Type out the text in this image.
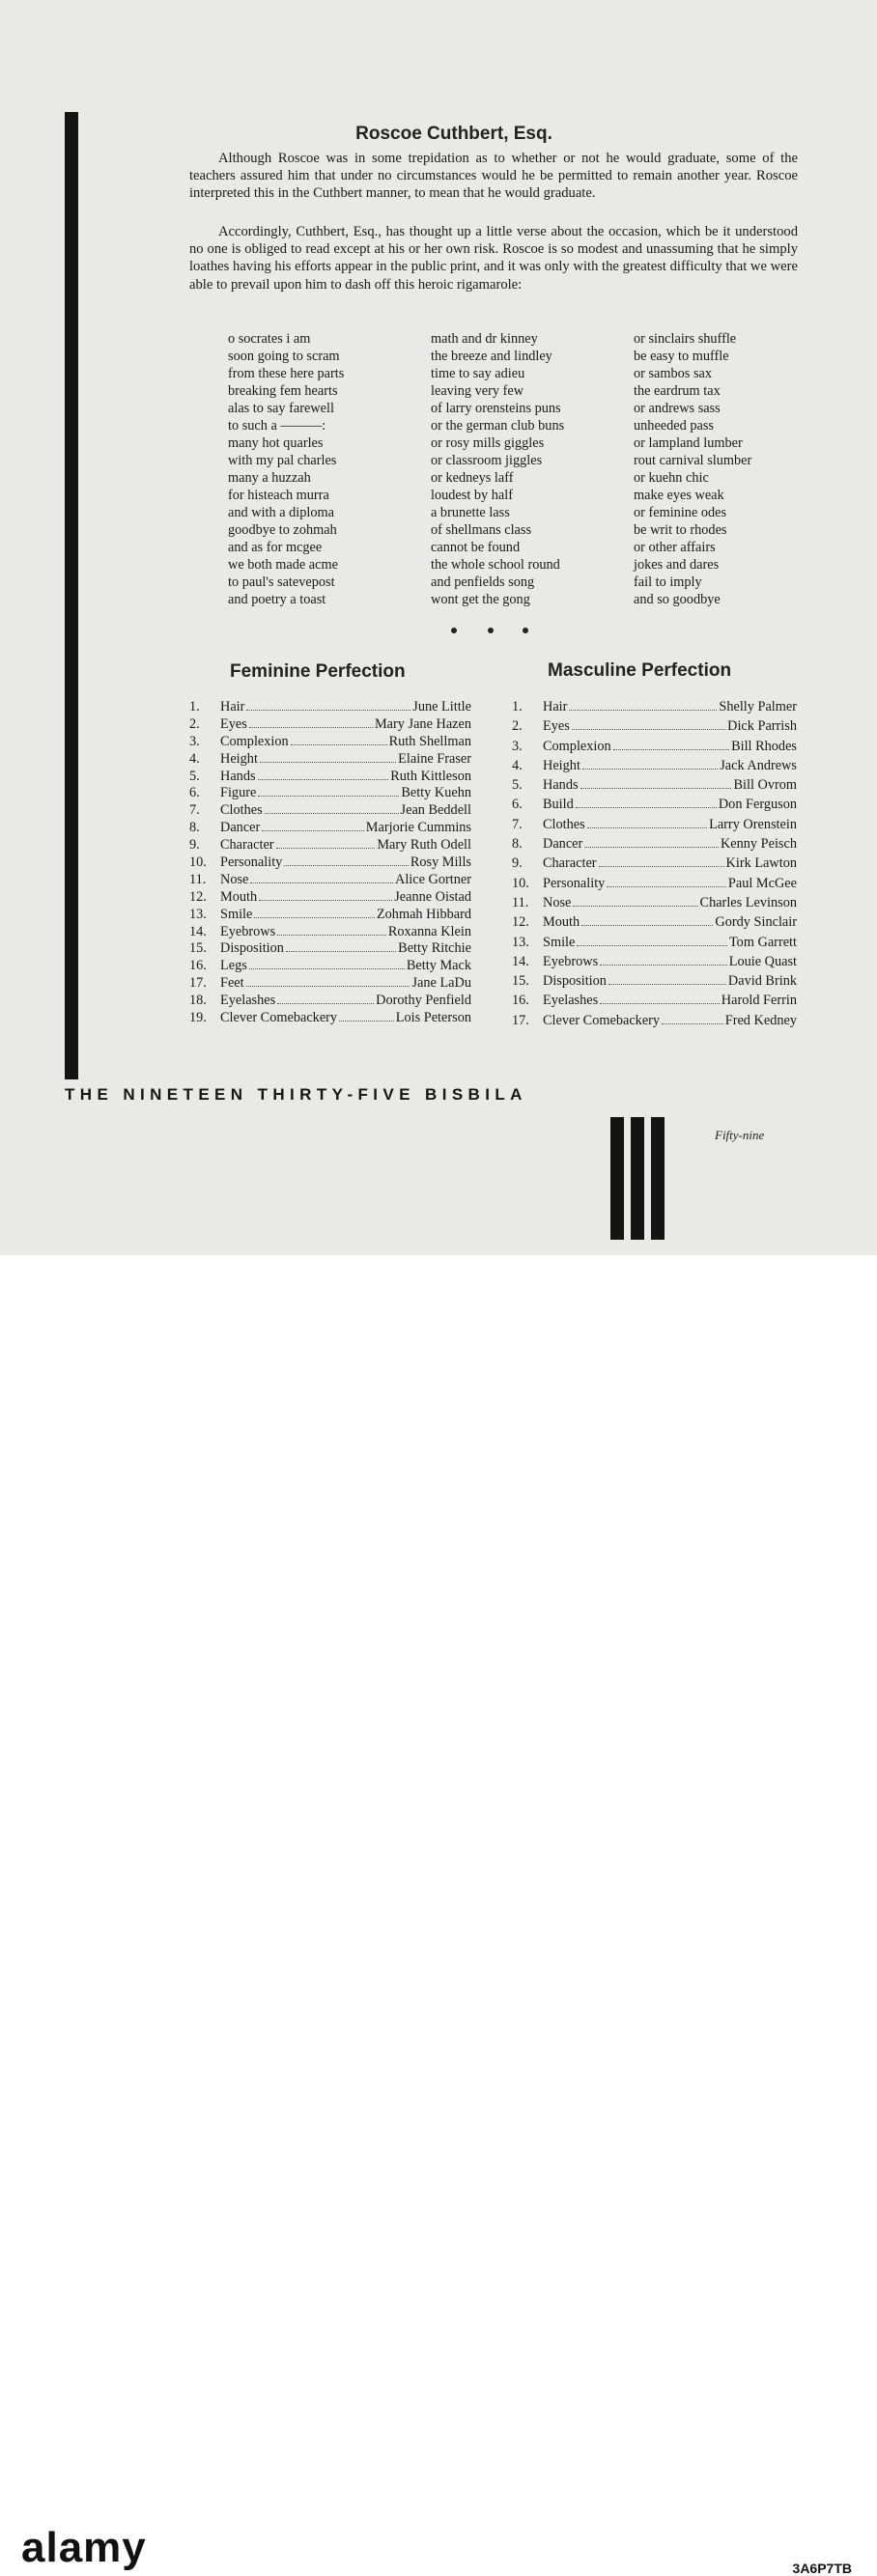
Roscoe Cuthbert, Esq.

Although Roscoe was in some trepidation as to whether or not he would graduate, some of the teachers assured him that under no circumstances would he be permitted to remain another year. Roscoe interpreted this in the Cuthbert manner, to mean that he would graduate.

Accordingly, Cuthbert, Esq., has thought up a little verse about the occasion, which be it understood no one is obliged to read except at his or her own risk. Roscoe is so modest and unassuming that he simply loathes having his efforts appear in the public print, and it was only with the greatest difficulty that we were able to prevail upon him to dash off this heroic rigamarole:

o socrates i am
soon going to scram
from these here parts
breaking fem hearts
alas to say farewell
to such a ———:
many hot quarles
with my pal charles
many a huzzah
for histeach murra
and with a diploma
goodbye to zohmah
and as for mcgee
we both made acme
to paul's satevepost
and poetry a toast
math and dr kinney
the breeze and lindley
time to say adieu
leaving very few
of larry orensteins puns
or the german club buns
or rosy mills giggles
or classroom jiggles
or kedneys laff
loudest by half
a brunette lass
of shellmans class
cannot be found
the whole school round
and penfields song
wont get the gong
or sinclairs shuffle
be easy to muffle
or sambos sax
the eardrum tax
or andrews sass
unheeded pass
or lampland lumber
rout carnival slumber
or kuehn chic
make eyes weak
or feminine odes
be writ to rhodes
or other affairs
jokes and dares
fail to imply
and so goodbye
Feminine Perfection	Masculine Perfection
1.	Hair	June Little
2.	Eyes	Mary Jane Hazen
3.	Complexion	Ruth Shellman
4.	Height	Elaine Fraser
5.	Hands	Ruth Kittleson
6.	Figure	Betty Kuehn
7.	Clothes	Jean Beddell
8.	Dancer	Marjorie Cummins
9.	Character	Mary Ruth Odell
10. Personality	Rosy Mills
11.	Nose	Alice Gortner
12. Mouth	Jeanne Oistad
13. Smile	Zohmah Hibbard
14. Eyebrows	Roxanna Klein
15. Disposition	Betty Ritchie
16. Legs	Betty Mack
17. Feet	Jane LaDu
18. Eyelashes	Dorothy Penfield
19. Clever Comebackery	Lois Peterson
1.	Hair	Shelly Palmer
2.	Eyes	Dick Parrish
3.	Complexion	Bill Rhodes
4.	Height	Jack Andrews
5.	Hands	Bill Ovrom
6.	Build	Don Ferguson
7.	Clothes	Larry Orenstein
8.	Dancer	Kenny Peisch
9.	Character	Kirk Lawton
10. Personality	Paul McGee
11.	Nose	Charles Levinson
12. Mouth	Gordy Sinclair
13. Smile	Tom Garrett
14. Eyebrows	Louie Quast
15. Disposition	David Brink
16. Eyelashes	Harold Ferrin
17. Clever Comebackery	Fred Kedney
THE NINETEEN THIRTY-FIVE BISBILA
Fifty-nine
alamy	3A6P7TB
